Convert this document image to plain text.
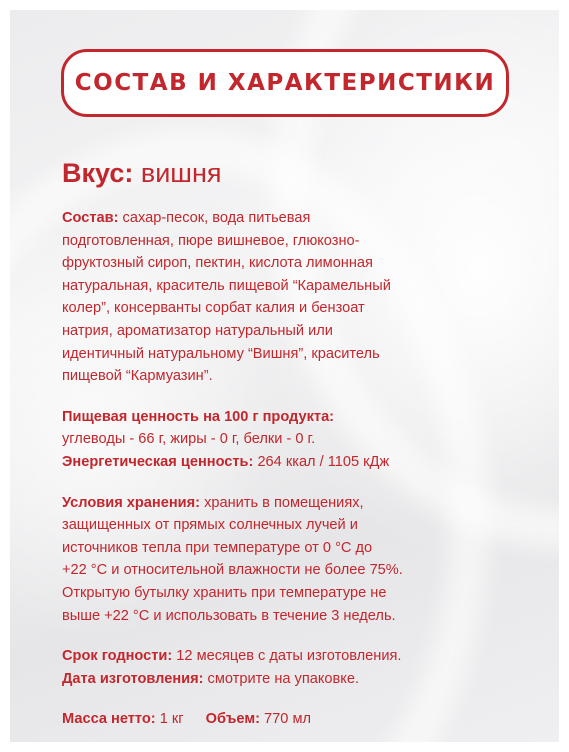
СОСТАВ И ХАРАКТЕРИСТИКИ
Вкус: вишня

Состав: сахар-песок, вода питьевая
подготовленная, пюре вишневое, глюкозно-
фруктозный сироп, пектин, кислота лимонная
натуральная, краситель пищевой “Карамельный
колер”, консерванты сорбат калия и бензоат
натрия, ароматизатор натуральный или
идентичный натуральному “Вишня”, краситель
пищевой “Кармуазин”.

Пищевая ценность на 100 г продукта:
углеводы - 66 г, жиры - 0 г, белки - 0 г.
Энергетическая ценность: 264 ккал / 1105 кДж

Условия хранения: хранить в помещениях,
защищенных от прямых солнечных лучей и
источников тепла при температуре от 0 °С до
+22 °С и относительной влажности не более 75%.
Открытую бутылку хранить при температуре не
выше +22 °С и использовать в течение 3 недель.

Срок годности: 12 месяцев с даты изготовления.
Дата изготовления: смотрите на упаковке.

Масса нетто: 1 кг Объем: 770 мл
